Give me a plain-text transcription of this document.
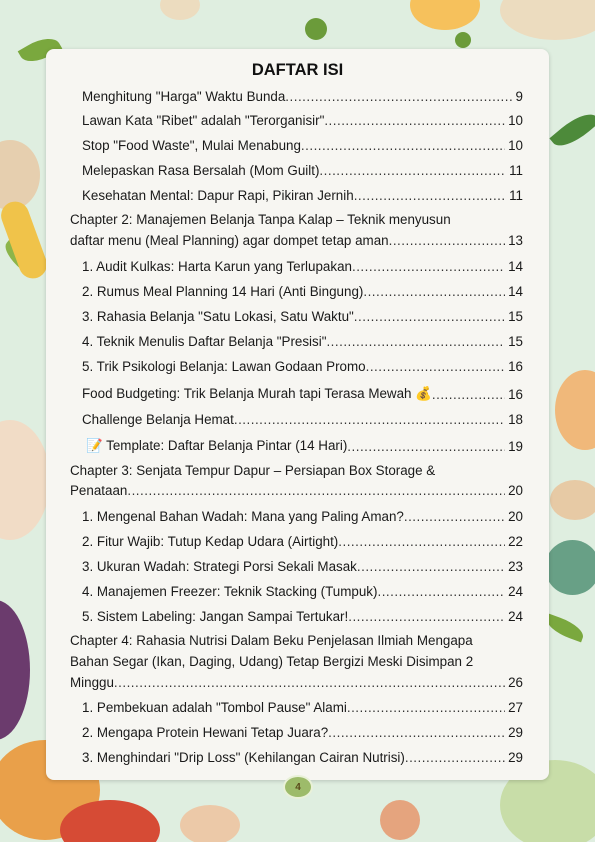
DAFTAR ISI
Menghitung "Harga" Waktu Bunda .....	9
Lawan Kata "Ribet" adalah "Terorganisir" .....	10
Stop "Food Waste", Mulai Menabung .....	10
Melepaskan Rasa Bersalah (Mom Guilt) .....	11
Kesehatan Mental: Dapur Rapi, Pikiran Jernih .....	11
Chapter 2: Manajemen Belanja Tanpa Kalap – Teknik menyusun
daftar menu (Meal Planning) agar dompet tetap aman .....	13
1. Audit Kulkas: Harta Karun yang Terlupakan .....	14
2. Rumus Meal Planning 14 Hari (Anti Bingung) .....	14
3. Rahasia Belanja "Satu Lokasi, Satu Waktu" .....	15
4. Teknik Menulis Daftar Belanja "Presisi" .....	15
5. Trik Psikologi Belanja: Lawan Godaan Promo .....	16
Food Budgeting: Trik Belanja Murah tapi Terasa Mewah 💰 .....	16
Challenge Belanja Hemat .....	18
📝 Template: Daftar Belanja Pintar (14 Hari) .....	19
Chapter 3: Senjata Tempur Dapur – Persiapan Box Storage &
Penataan .....	20
1. Mengenal Bahan Wadah: Mana yang Paling Aman? .....	20
2. Fitur Wajib: Tutup Kedap Udara (Airtight) .....	22
3. Ukuran Wadah: Strategi Porsi Sekali Masak .....	23
4. Manajemen Freezer: Teknik Stacking (Tumpuk) .....	24
5. Sistem Labeling: Jangan Sampai Tertukar! .....	24
Chapter 4: Rahasia Nutrisi Dalam Beku Penjelasan Ilmiah Mengapa
Bahan Segar (Ikan, Daging, Udang) Tetap Bergizi Meski Disimpan 2
Minggu .....	26
1. Pembekuan adalah "Tombol Pause" Alami .....	27
2. Mengapa Protein Hewani Tetap Juara? .....	29
3. Menghindari "Drip Loss" (Kehilangan Cairan Nutrisi) .....	29
4
